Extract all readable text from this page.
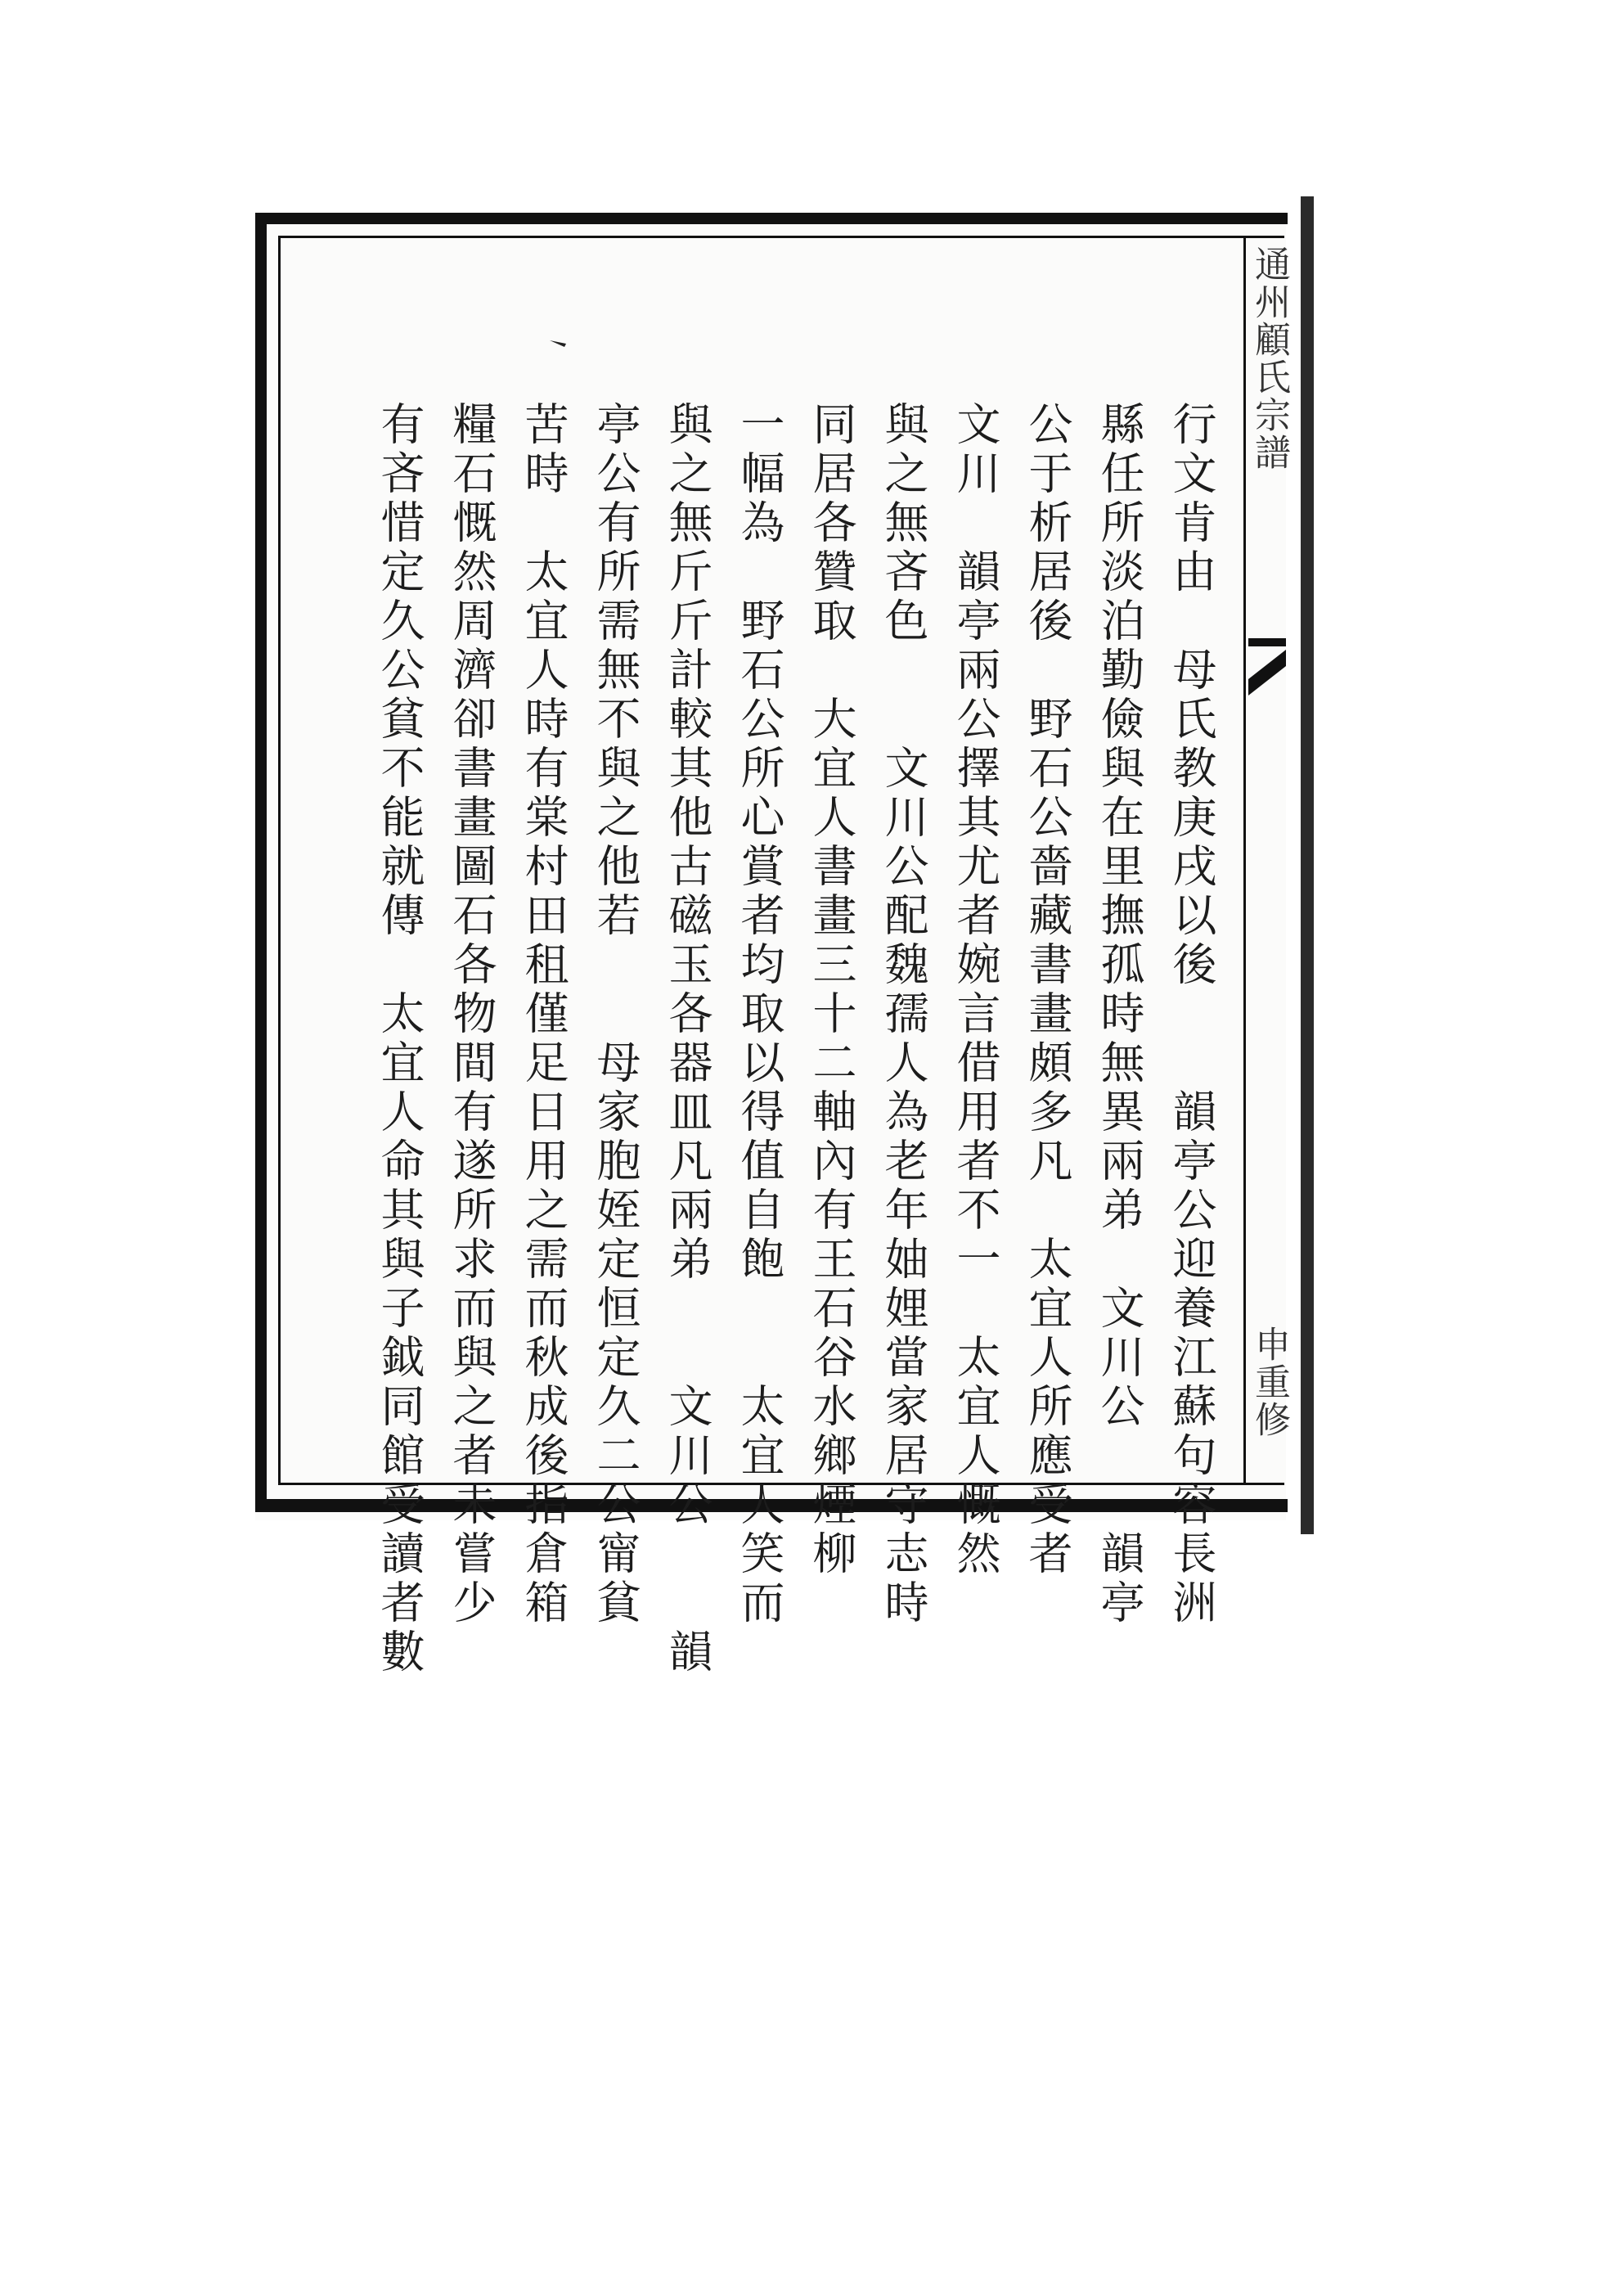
通州顧氏宗譜
申重修
行文肯由　母氏教庚戌以後　　韻亭公迎養江蘇句容長洲
縣任所淡泊勤儉與在里撫孤時無異兩弟　文川公　　韻亭
公于析居後　野石公嗇藏書畫頗多凡　太宜人所應受者
文川　韻亭兩公擇其尤者婉言借用者不一　太宜人慨然
與之無吝色　　文川公配魏孺人為老年妯娌當家居守志時
同居各贊取　大宜人書畫三十二軸內有王石谷水鄉煙柳
一幅為　野石公所心賞者均取以得值自飽　　太宜人笑而
與之無斤斤計較其他古磁玉各器皿凡兩弟　　文川公　　韻
亭公有所需無不與之他若　　母家胞姪定恒定久二公甯貧
苦時　太宜人時有棠村田租僅足日用之需而秋成後指倉箱
糧石慨然周濟卻書畫圖石各物間有遂所求而與之者未嘗少
有吝惜定久公貧不能就傳　太宜人命其與子鉞同館受讀者數
